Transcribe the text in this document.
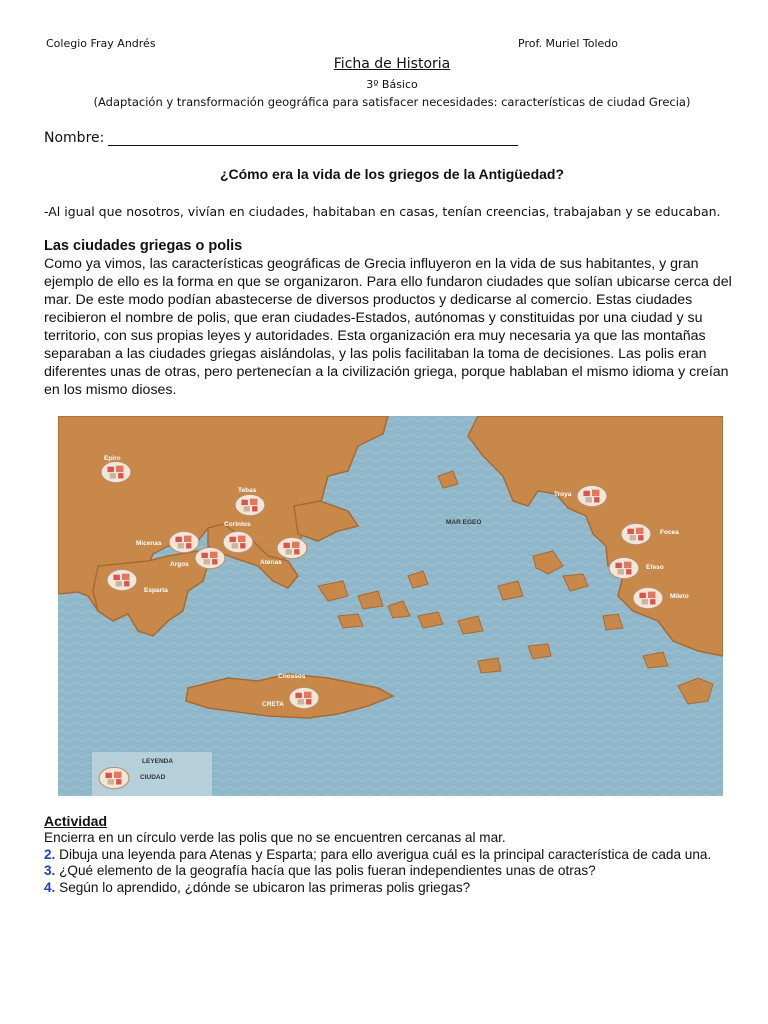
Colegio Fray Andrés	Prof. Muriel Toledo
Ficha de Historia
3º Básico
(Adaptación y transformación geográfica para satisfacer necesidades: características de ciudad Grecia)
Nombre:
¿Cómo era la vida de los griegos de la Antigüedad?
-Al igual que nosotros, vivían en ciudades, habitaban en casas, tenían creencias, trabajaban y se educaban.
Las ciudades griegas o polis
Como ya vimos, las características geográficas de Grecia influyeron en la vida de sus habitantes, y gran ejemplo de ello es la forma en que se organizaron. Para ello fundaron ciudades que solían ubicarse cerca del mar. De este modo podían abastecerse de diversos productos y dedicarse al comercio. Estas ciudades recibieron el nombre de polis, que eran ciudades-Estados, autónomas y constituidas por una ciudad y su territorio, con sus propias leyes y autoridades. Esta organización era muy necesaria ya que las montañas separaban a las ciudades griegas aislándolas, y las polis facilitaban la toma de decisiones. Las polis eran diferentes unas de otras, pero pertenecían a la civilización griega, porque hablaban el mismo idioma y creían en los mismo dioses.
Epiro
Tebas
Corintos
Micenas
Argos	Atenas
Esparta
Troya
Focea
Efeso
Mileto
Cnossos
CRETA
MAR EGEO
LEYENDA
CIUDAD
Actividad
Encierra en un círculo verde las polis que no se encuentren cercanas al mar.
2. Dibuja una leyenda para Atenas y Esparta; para ello averigua cuál es la principal característica de cada una.
3. ¿Qué elemento de la geografía hacía que las polis fueran independientes unas de otras?
4. Según lo aprendido, ¿dónde se ubicaron las primeras polis griegas?
